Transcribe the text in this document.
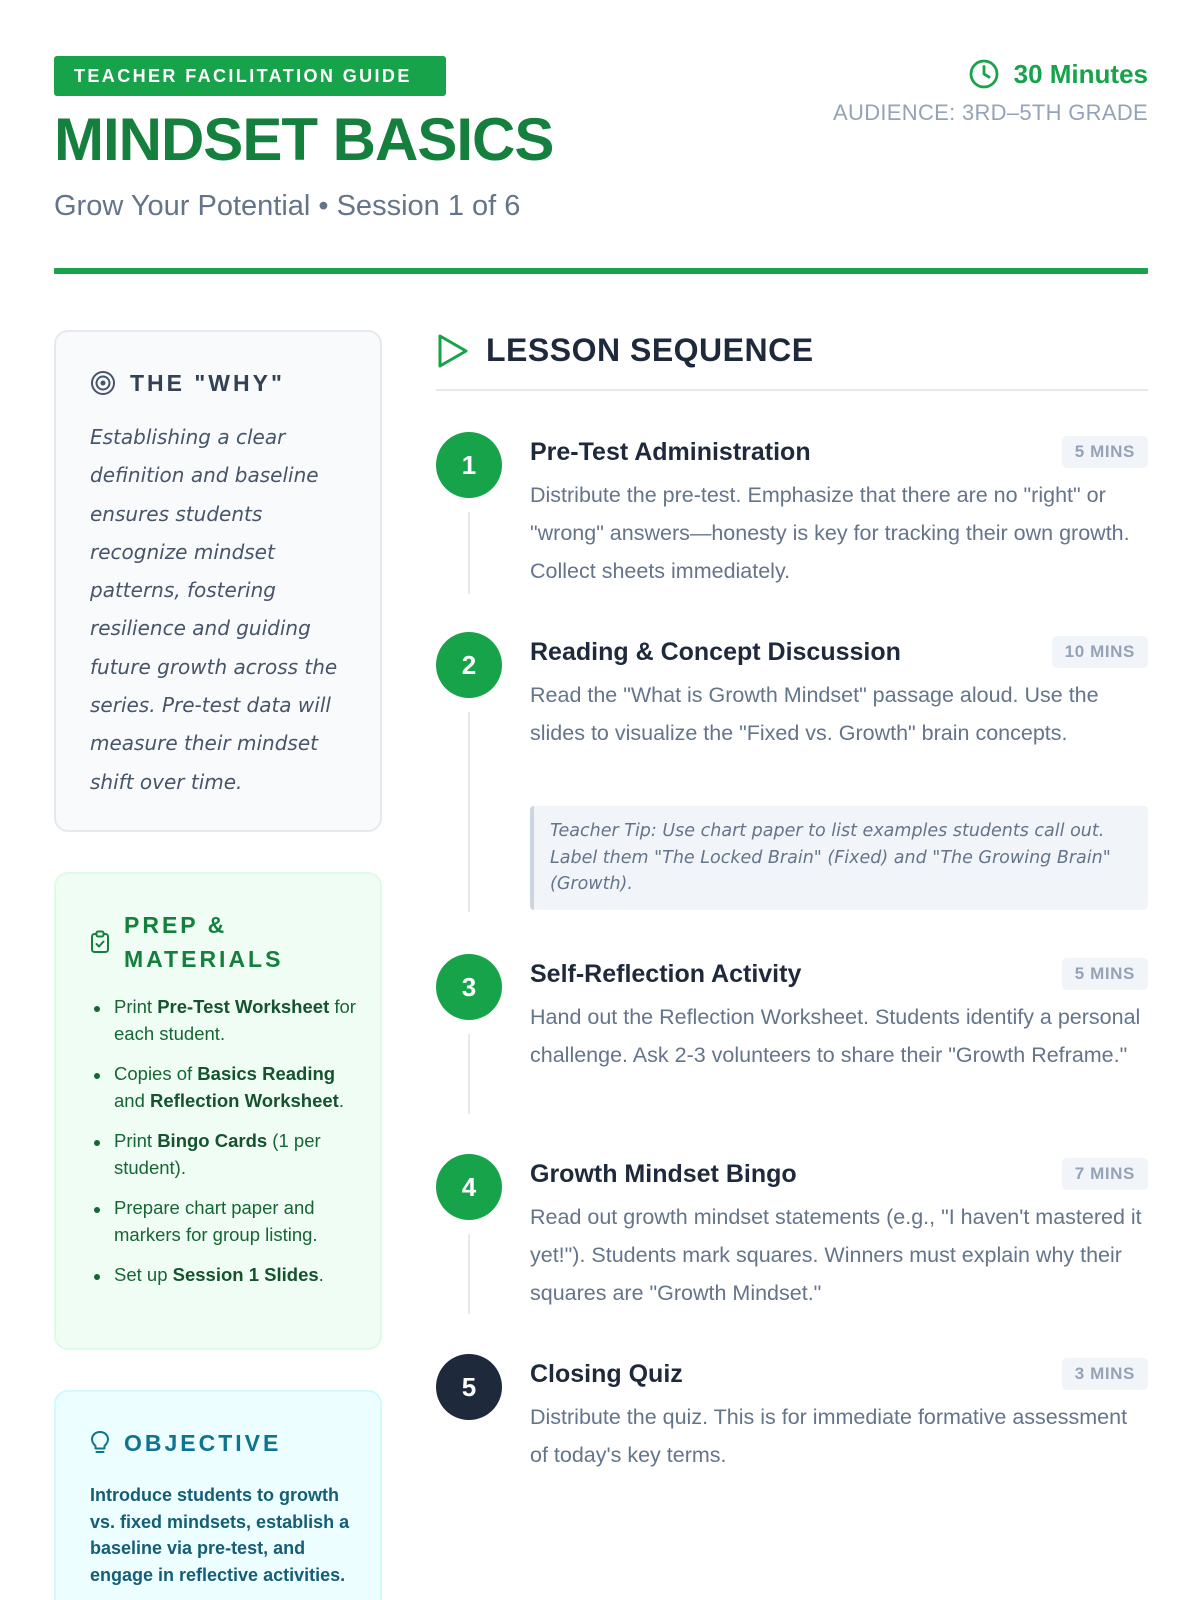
TEACHER FACILITATION GUIDE
MINDSET BASICS
Grow Your Potential • Session 1 of 6
30 Minutes
AUDIENCE: 3RD–5TH GRADE
THE "WHY"
Establishing a clear definition and baseline ensures students recognize mindset patterns, fostering resilience and guiding future growth across the series. Pre-test data will measure their mindset shift over time.
PREP & MATERIALS
Print Pre-Test Worksheet for each student.
Copies of Basics Reading and Reflection Worksheet.
Print Bingo Cards (1 per student).
Prepare chart paper and markers for group listing.
Set up Session 1 Slides.
OBJECTIVE
Introduce students to growth vs. fixed mindsets, establish a baseline via pre-test, and engage in reflective activities.
LESSON SEQUENCE
1	Pre-Test Administration	5 MINS
Distribute the pre-test. Emphasize that there are no "right" or "wrong" answers—honesty is key for tracking their own growth. Collect sheets immediately.
2	Reading & Concept Discussion	10 MINS
Read the "What is Growth Mindset" passage aloud. Use the slides to visualize the "Fixed vs. Growth" brain concepts.
Teacher Tip: Use chart paper to list examples students call out. Label them "The Locked Brain" (Fixed) and "The Growing Brain" (Growth).
3	Self-Reflection Activity	5 MINS
Hand out the Reflection Worksheet. Students identify a personal challenge. Ask 2-3 volunteers to share their "Growth Reframe."
4	Growth Mindset Bingo	7 MINS
Read out growth mindset statements (e.g., "I haven't mastered it yet!"). Students mark squares. Winners must explain why their squares are "Growth Mindset."
5	Closing Quiz	3 MINS
Distribute the quiz. This is for immediate formative assessment of today's key terms.
